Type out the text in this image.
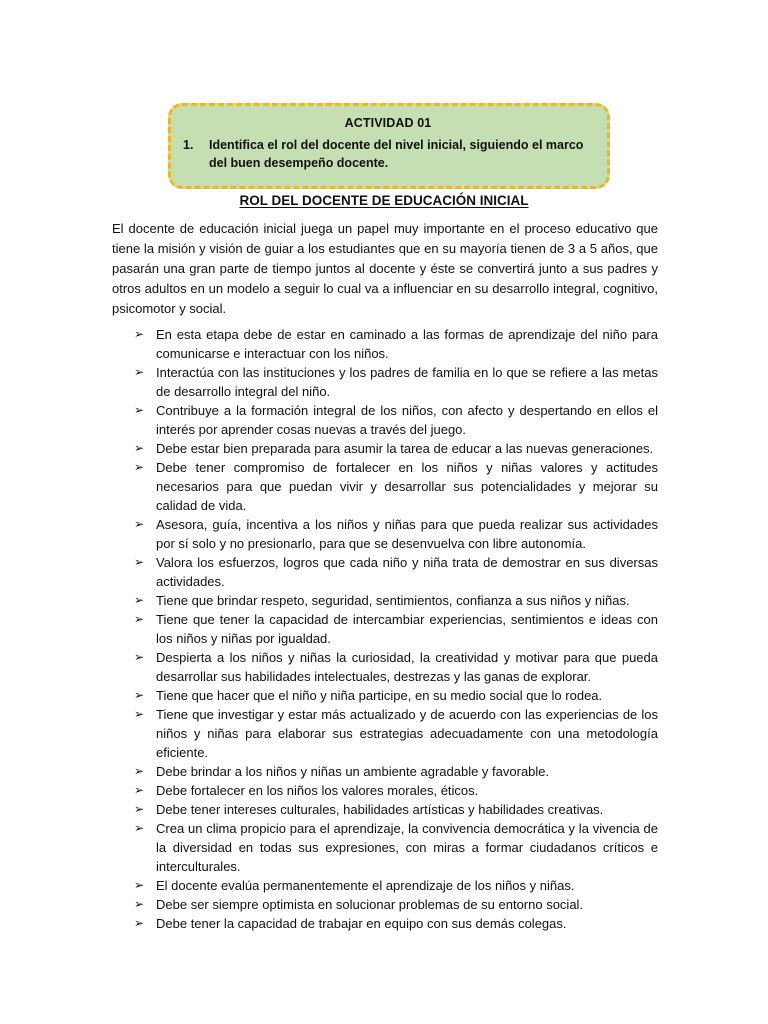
ACTIVIDAD 01
1.	Identifica el rol del docente del nivel inicial, siguiendo el marco del buen desempeño docente.
ROL DEL DOCENTE DE EDUCACIÓN INICIAL

El docente de educación inicial juega un papel muy importante en el proceso educativo que tiene la misión y visión de guiar a los estudiantes que en su mayoría tienen de 3 a 5 años, que pasarán una gran parte de tiempo juntos al docente y éste se convertirá junto a sus padres y otros adultos en un modelo a seguir lo cual va a influenciar en su desarrollo integral, cognitivo, psicomotor y social.

➢ En esta etapa debe de estar en caminado a las formas de aprendizaje del niño para comunicarse e interactuar con los niños.
➢ Interactúa con las instituciones y los padres de familia en lo que se refiere a las metas de desarrollo integral del niño.
➢ Contribuye a la formación integral de los niños, con afecto y despertando en ellos el interés por aprender cosas nuevas a través del juego.
➢ Debe estar bien preparada para asumir la tarea de educar a las nuevas generaciones.
➢ Debe tener compromiso de fortalecer en los niños y niñas valores y actitudes necesarios para que puedan vivir y desarrollar sus potencialidades y mejorar su calidad de vida.
➢ Asesora, guía, incentiva a los niños y niñas para que pueda realizar sus actividades por sí solo y no presionarlo, para que se desenvuelva con libre autonomía.
➢ Valora los esfuerzos, logros que cada niño y niña trata de demostrar en sus diversas actividades.
➢ Tiene que brindar respeto, seguridad, sentimientos, confianza a sus niños y niñas.
➢ Tiene que tener la capacidad de intercambiar experiencias, sentimientos e ideas con los niños y niñas por igualdad.
➢ Despierta a los niños y niñas la curiosidad, la creatividad y motivar para que pueda desarrollar sus habilidades intelectuales, destrezas y las ganas de explorar.
➢ Tiene que hacer que el niño y niña participe, en su medio social que lo rodea.
➢ Tiene que investigar y estar más actualizado y de acuerdo con las experiencias de los niños y niñas para elaborar sus estrategias adecuadamente con una metodología eficiente.
➢ Debe brindar a los niños y niñas un ambiente agradable y favorable.
➢ Debe fortalecer en los niños los valores morales, éticos.
➢ Debe tener intereses culturales, habilidades artísticas y habilidades creativas.
➢ Crea un clima propicio para el aprendizaje, la convivencia democrática y la vivencia de la diversidad en todas sus expresiones, con miras a formar ciudadanos críticos e interculturales.
➢ El docente evalúa permanentemente el aprendizaje de los niños y niñas.
➢ Debe ser siempre optimista en solucionar problemas de su entorno social.
➢ Debe tener la capacidad de trabajar en equipo con sus demás colegas.
